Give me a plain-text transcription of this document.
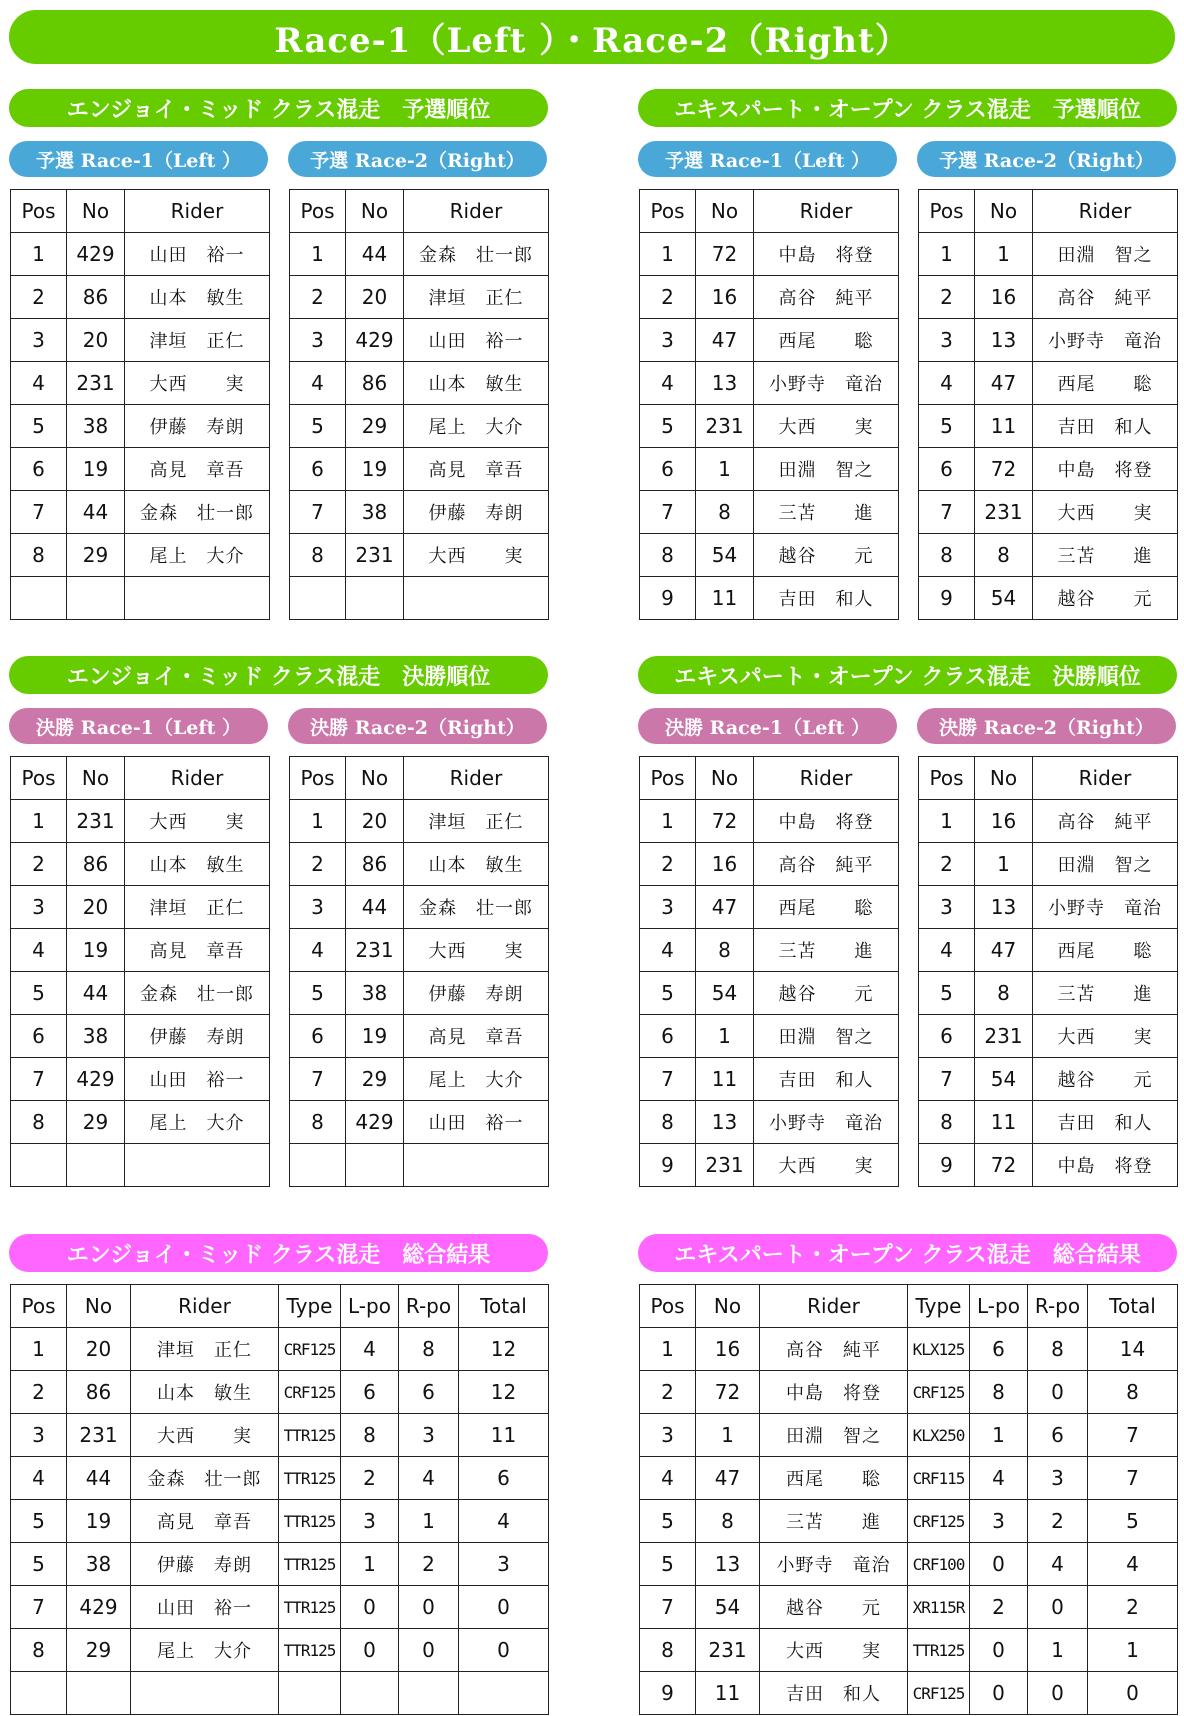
Race-1（Left ）・Race-2（Right）
エンジョイ・ミッド クラス混走　予選順位	エキスパート・オープン クラス混走　予選順位
エンジョイ・ミッド クラス混走　決勝順位	エキスパート・オープン クラス混走　決勝順位
エンジョイ・ミッド クラス混走　総合結果	エキスパート・オープン クラス混走　総合結果
予選 Race-1（Left ）	予選 Race-2（Right）	予選 Race-1（Left ）	予選 Race-2（Right）
決勝 Race-1（Left ）	決勝 Race-2（Right）	決勝 Race-1（Left ）	決勝 Race-2（Right）
Pos	No	Rider
1	429	山田　裕一
2	86	山本　敏生
3	20	津垣　正仁
4	231	大西　　実
5	38	伊藤　寿朗
6	19	高見　章吾
7	44	金森　壮一郎
8	29	尾上　大介

Pos	No	Rider
1	44	金森　壮一郎
2	20	津垣　正仁
3	429	山田　裕一
4	86	山本　敏生
5	29	尾上　大介
6	19	高見　章吾
7	38	伊藤　寿朗
8	231	大西　　実

Pos	No	Rider
1	72	中島　将登
2	16	高谷　純平
3	47	西尾　　聡
4	13	小野寺　竜治
5	231	大西　　実
6	1	田淵　智之
7	8	三苫　　進
8	54	越谷　　元
9	11	吉田　和人
Pos	No	Rider
1	1	田淵　智之
2	16	高谷　純平
3	13	小野寺　竜治
4	47	西尾　　聡
5	11	吉田　和人
6	72	中島　将登
7	231	大西　　実
8	8	三苫　　進
9	54	越谷　　元
Pos	No	Rider
1	231	大西　　実
2	86	山本　敏生
3	20	津垣　正仁
4	19	高見　章吾
5	44	金森　壮一郎
6	38	伊藤　寿朗
7	429	山田　裕一
8	29	尾上　大介

Pos	No	Rider
1	20	津垣　正仁
2	86	山本　敏生
3	44	金森　壮一郎
4	231	大西　　実
5	38	伊藤　寿朗
6	19	高見　章吾
7	29	尾上　大介
8	429	山田　裕一

Pos	No	Rider
1	72	中島　将登
2	16	高谷　純平
3	47	西尾　　聡
4	8	三苫　　進
5	54	越谷　　元
6	1	田淵　智之
7	11	吉田　和人
8	13	小野寺　竜治
9	231	大西　　実
Pos	No	Rider
1	16	高谷　純平
2	1	田淵　智之
3	13	小野寺　竜治
4	47	西尾　　聡
5	8	三苫　　進
6	231	大西　　実
7	54	越谷　　元
8	11	吉田　和人
9	72	中島　将登
Pos	No	Rider	Type	L-po	R-po	Total
1	20	津垣　正仁	CRF125	4	8	12
2	86	山本　敏生	CRF125	6	6	12
3	231	大西　　実	TTR125	8	3	11
4	44	金森　壮一郎	TTR125	2	4	6
5	19	高見　章吾	TTR125	3	1	4
5	38	伊藤　寿朗	TTR125	1	2	3
7	429	山田　裕一	TTR125	0	0	0
8	29	尾上　大介	TTR125	0	0	0

Pos	No	Rider	Type	L-po	R-po	Total
1	16	高谷　純平	KLX125	6	8	14
2	72	中島　将登	CRF125	8	0	8
3	1	田淵　智之	KLX250	1	6	7
4	47	西尾　　聡	CRF115	4	3	7
5	8	三苫　　進	CRF125	3	2	5
5	13	小野寺　竜治	CRF100	0	4	4
7	54	越谷　　元	XR115R	2	0	2
8	231	大西　　実	TTR125	0	1	1
9	11	吉田　和人	CRF125	0	0	0
